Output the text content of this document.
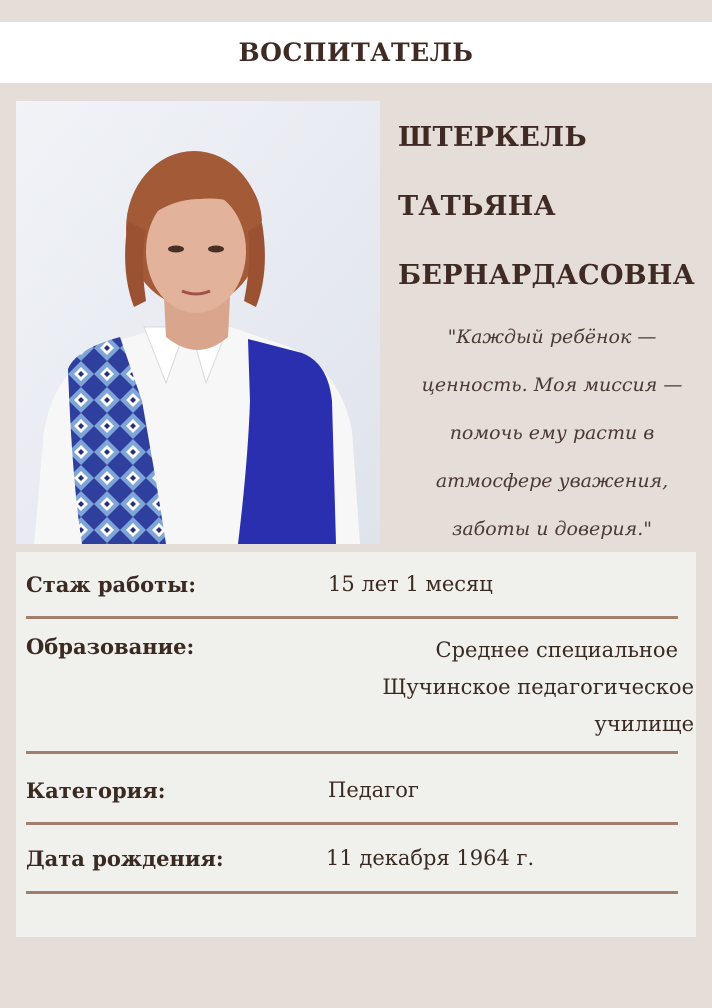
ВОСПИТАТЕЛЬ
ШТЕРКЕЛЬ
ТАТЬЯНА
БЕРНАРДАСОВНА
"Каждый ребёнок —
ценность. Моя миссия —
помочь ему расти в
атмосфере уважения,
заботы и доверия."
Стаж работы:	15 лет 1 месяц
Образование:	Среднее специальное
Щучинское педагогическое
училище
Категория:	Педагог
Дата рождения:	11 декабря 1964 г.
